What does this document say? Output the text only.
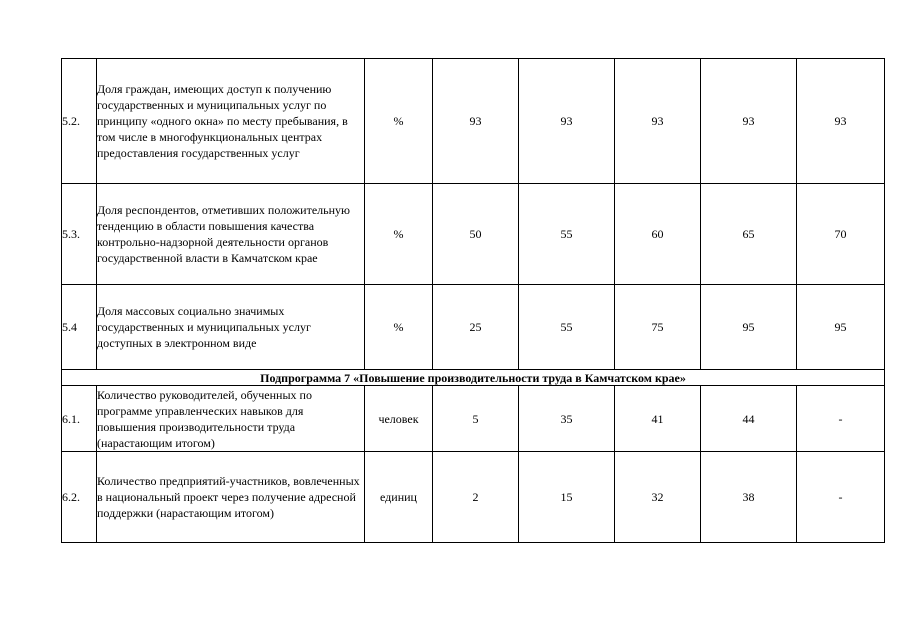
5.2.	Доля граждан, имеющих доступ к получению государственных и муниципальных услуг по принципу «одного окна» по месту пребывания, в том числе в многофункциональных центрах предоставления государственных услуг	%	93	93	93	93	93
5.3.	Доля респондентов, отметивших положительную тенденцию в области повышения качества контрольно-надзорной деятельности органов государственной власти в Камчатском крае	%	50	55	60	65	70
5.4	Доля массовых социально значимых государственных и муниципальных услуг доступных в электронном виде	%	25	55	75	95	95
Подпрограмма 7 «Повышение производительности труда в Камчатском крае»							
6.1.	Количество руководителей, обученных по программе управленческих навыков для повышения производительности труда (нарастающим итогом)	человек	5	35	41	44	-
6.2.	Количество предприятий-участников, вовлеченных в национальный проект через получение адресной поддержки (нарастающим итогом)	единиц	2	15	32	38	-
